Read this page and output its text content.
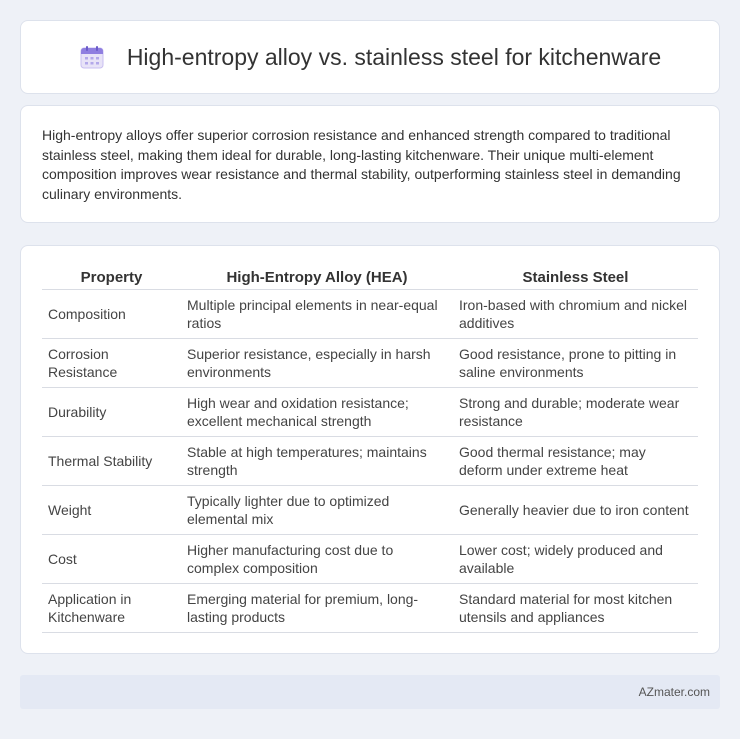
High-entropy alloy vs. stainless steel for kitchenware

High-entropy alloys offer superior corrosion resistance and enhanced strength compared to traditional stainless steel, making them ideal for durable, long-lasting kitchenware. Their unique multi-element composition improves wear resistance and thermal stability, outperforming stainless steel in demanding culinary environments.

Property	High-Entropy Alloy (HEA)	Stainless Steel
Composition	Multiple principal elements in near-equal ratios	Iron-based with chromium and nickel additives
Corrosion Resistance	Superior resistance, especially in harsh environments	Good resistance, prone to pitting in saline environments
Durability	High wear and oxidation resistance; excellent mechanical strength	Strong and durable; moderate wear resistance
Thermal Stability	Stable at high temperatures; maintains strength	Good thermal resistance; may deform under extreme heat
Weight	Typically lighter due to optimized elemental mix	Generally heavier due to iron content
Cost	Higher manufacturing cost due to complex composition	Lower cost; widely produced and available
Application in Kitchenware	Emerging material for premium, long-lasting products	Standard material for most kitchen utensils and appliances
AZmater.com
